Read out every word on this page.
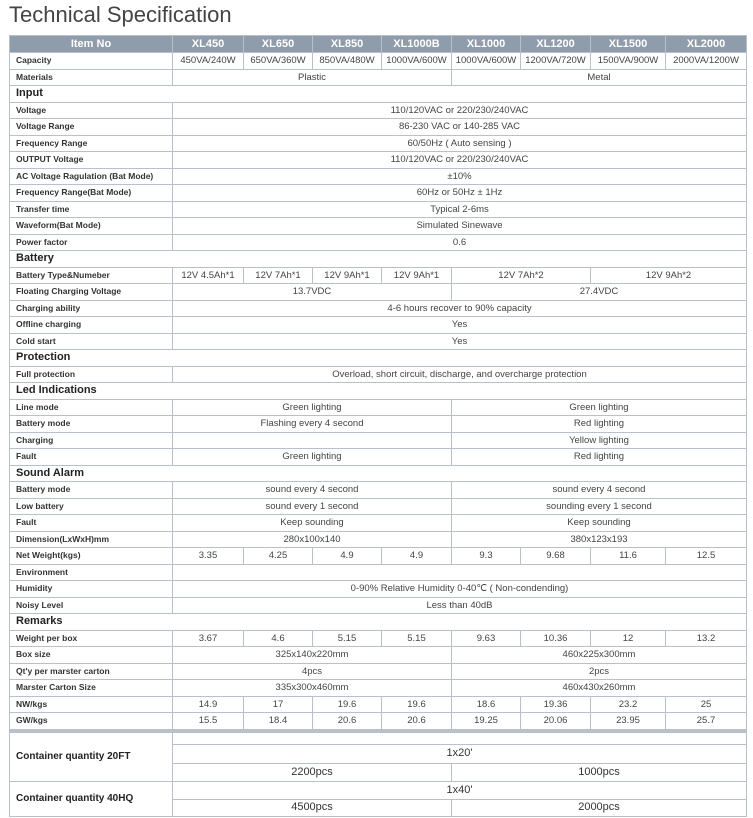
Technical Specification
Item No	XL450	XL650	XL850	XL1000B	XL1000	XL1200	XL1500	XL2000
Capacity	450VA/240W	650VA/360W	850VA/480W	1000VA/600W	1000VA/600W	1200VA/720W	1500VA/900W	2000VA/1200W
Materials	Plastic				Metal			
Input								
Voltage	110/120VAC or 220/230/240VAC							
Voltage Range	86-230 VAC or 140-285 VAC							
Frequency Range	60/50Hz ( Auto sensing )							
OUTPUT Voltage	110/120VAC or 220/230/240VAC							
AC Voltage Ragulation (Bat Mode)	±10%							
Frequency Range(Bat Mode)	60Hz or 50Hz ± 1Hz							
Transfer time	Typical 2-6ms							
Waveform(Bat Mode)	Simulated Sinewave							
Power factor	0.6							
Battery								
Battery Type&Numeber	12V 4.5Ah*1	12V 7Ah*1	12V 9Ah*1	12V 9Ah*1	12V 7Ah*2		12V 9Ah*2	
Floating Charging Voltage	13.7VDC				27.4VDC			
Charging ability	4-6 hours recover to 90% capacity							
Offline charging	Yes							
Cold start	Yes							
Protection								
Full protection	Overload, short circuit, discharge, and overcharge protection							
Led Indications								
Line mode	Green lighting				Green lighting			
Battery mode	Flashing every 4 second				Red lighting			
Charging					Yellow lighting			
Fault	Green lighting				Red lighting			
Sound Alarm								
Battery mode	sound every 4 second				sound every 4 second			
Low battery	sound every 1 second				sounding every 1 second			
Fault	Keep sounding				Keep sounding			
Dimension(LxWxH)mm	280x100x140				380x123x193			
Net Weight(kgs)	3.35	4.25	4.9	4.9	9.3	9.68	11.6	12.5
Environment								
Humidity	0-90% Relative Humidity 0-40℃ ( Non-condending)							
Noisy Level	Less than 40dB							
Remarks								
Weight per box	3.67	4.6	5.15	5.15	9.63	10.36	12	13.2
Box size	325x140x220mm				460x225x300mm			
Qt'y per marster carton	4pcs				2pcs			
Marster Carton Size	335x300x460mm				460x430x260mm			
NW/kgs	14.9	17	19.6	19.6	18.6	19.36	23.2	25
GW/kgs	15.5	18.4	20.6	20.6	19.25	20.06	23.95	25.7
Container quantity 20FT								
	1x20'							
	2200pcs				1000pcs			
Container quantity 40HQ	1x40'							
	4500pcs				2000pcs			
